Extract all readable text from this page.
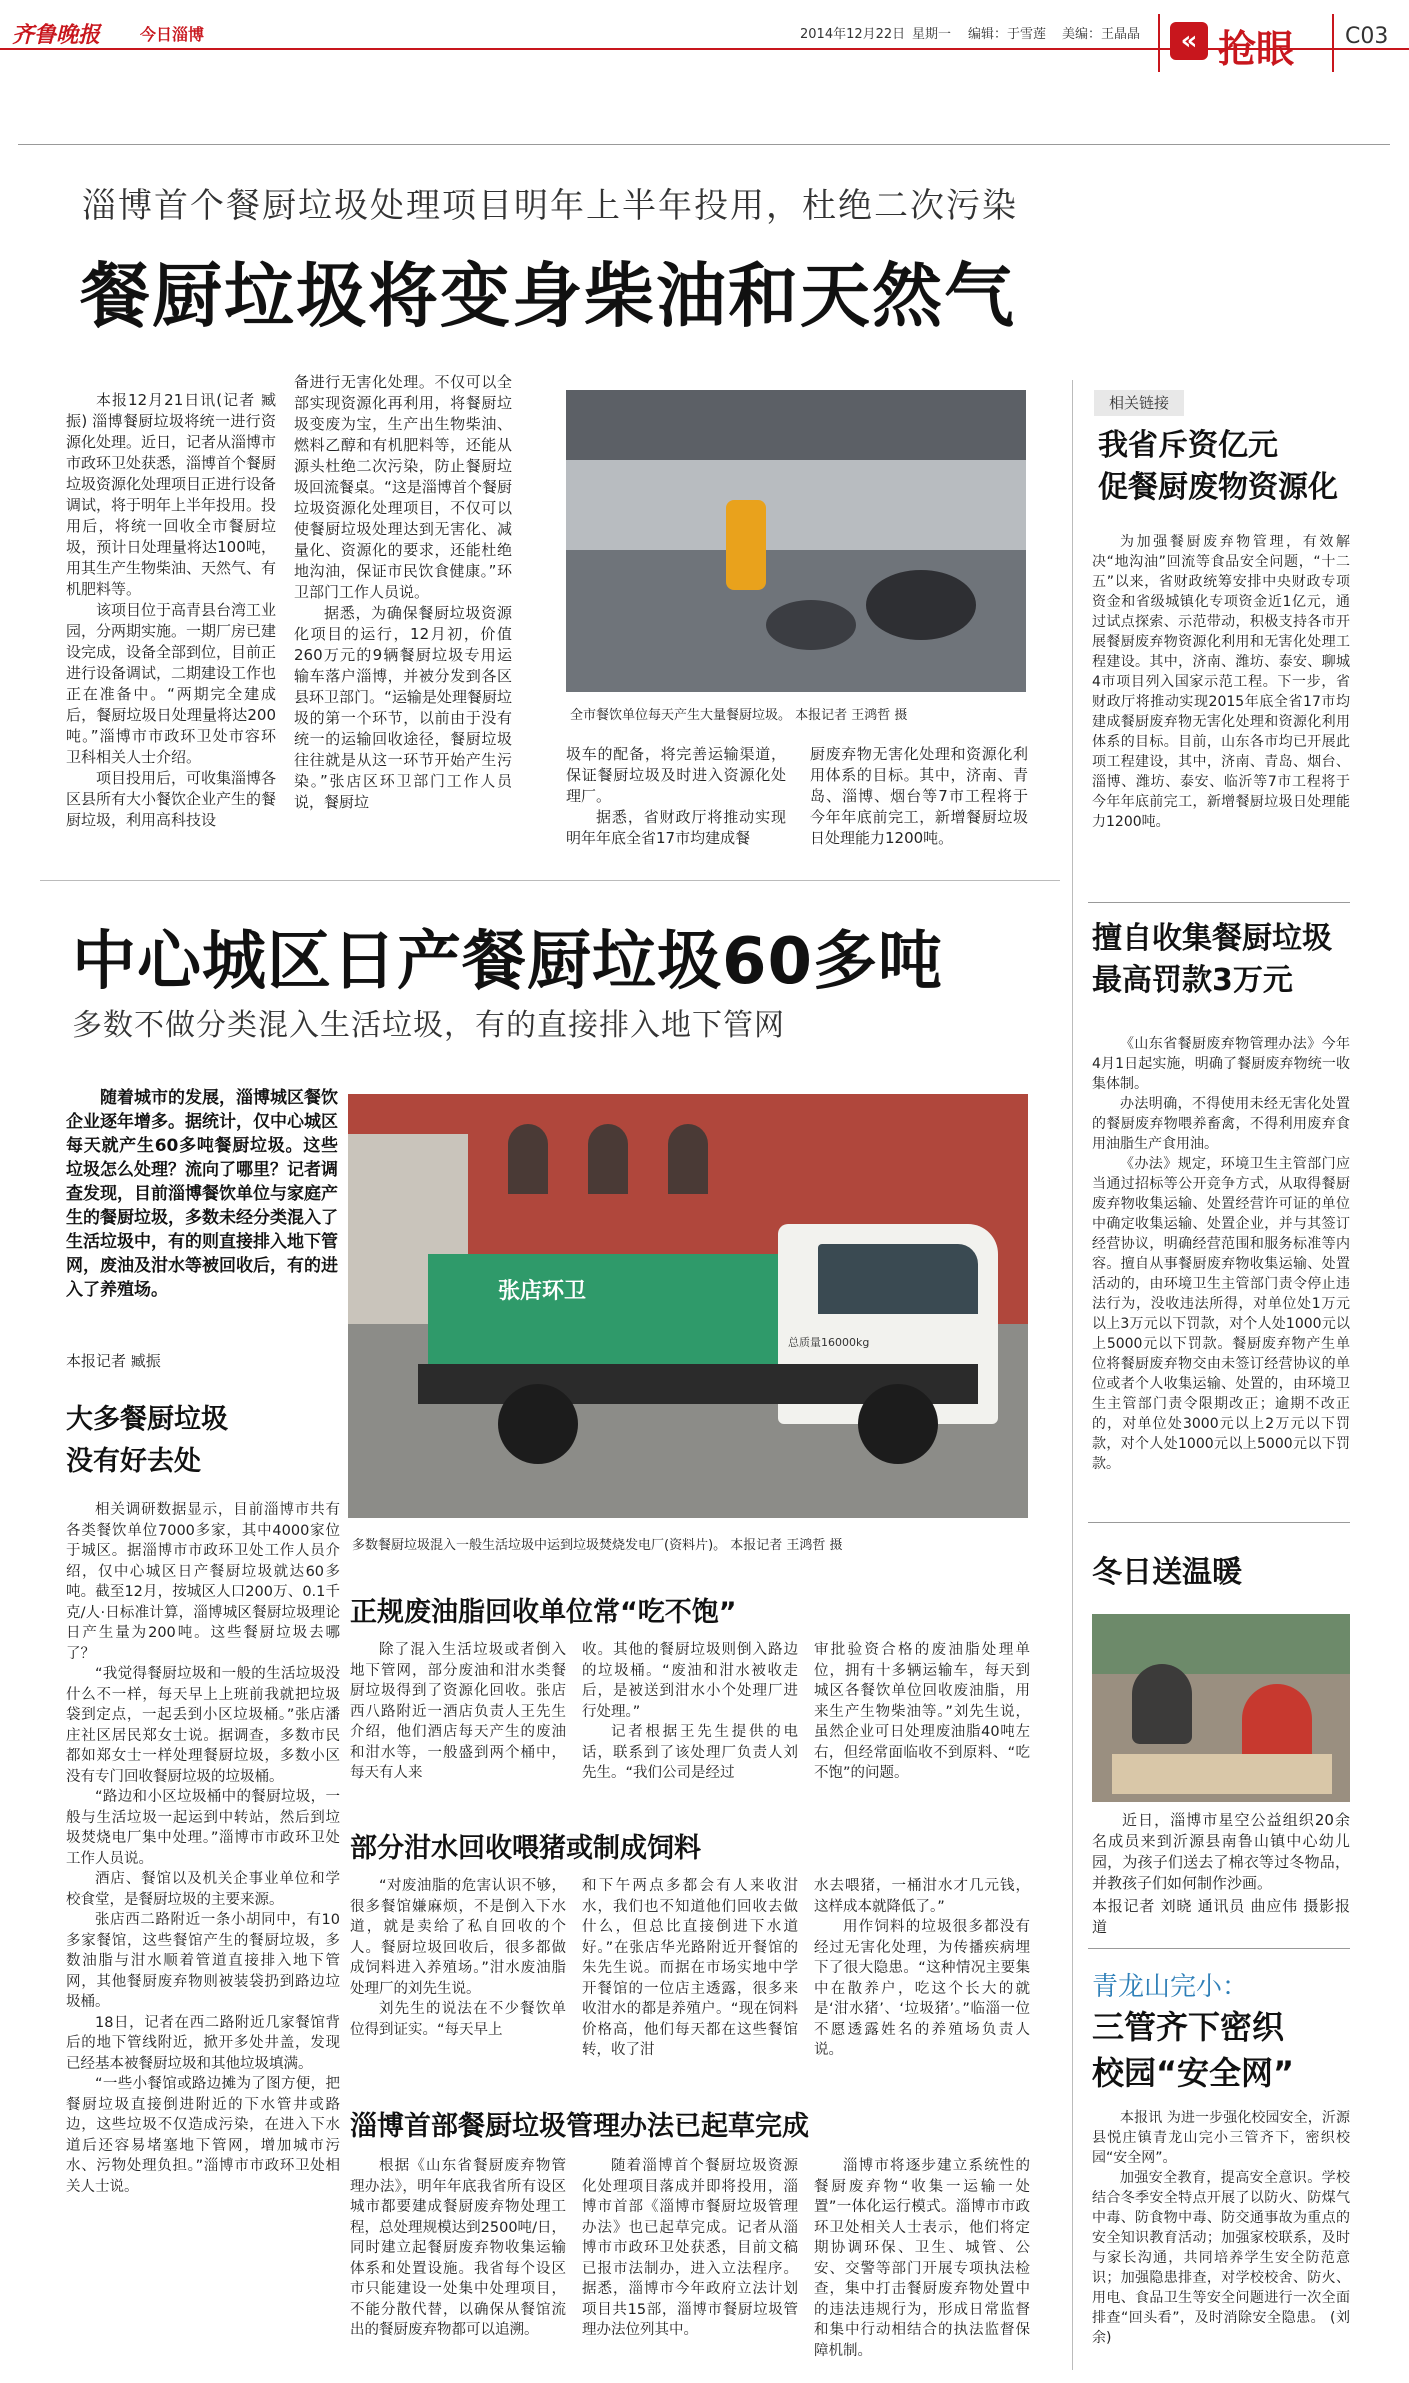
齐鲁晚报 今日淄博	2014年12月22日 星期一 编辑：于雪莲 美编：王晶晶	« 抢眼 C03
淄博首个餐厨垃圾处理项目明年上半年投用，杜绝二次污染
餐厨垃圾将变身柴油和天然气

本报12月21日讯(记者 臧振) 淄博餐厨垃圾将统一进行资源化处理。近日，记者从淄博市市政环卫处获悉，淄博首个餐厨垃圾资源化处理项目正进行设备调试，将于明年上半年投用。投用后，将统一回收全市餐厨垃圾，预计日处理量将达100吨，用其生产生物柴油、天然气、有机肥料等。

该项目位于高青县台湾工业园，分两期实施。一期厂房已建设完成，设备全部到位，目前正进行设备调试，二期建设工作也正在准备中。“两期完全建成后，餐厨垃圾日处理量将达200吨。”淄博市市政环卫处市容环卫科相关人士介绍。

项目投用后，可收集淄博各区县所有大小餐饮企业产生的餐厨垃圾，利用高科技设

备进行无害化处理。不仅可以全部实现资源化再利用，将餐厨垃圾变废为宝，生产出生物柴油、燃料乙醇和有机肥料等，还能从源头杜绝二次污染，防止餐厨垃圾回流餐桌。“这是淄博首个餐厨垃圾资源化处理项目，不仅可以使餐厨垃圾处理达到无害化、减量化、资源化的要求，还能杜绝地沟油，保证市民饮食健康。”环卫部门工作人员说。

据悉，为确保餐厨垃圾资源化项目的运行，12月初，价值260万元的9辆餐厨垃圾专用运输车落户淄博，并被分发到各区县环卫部门。“运输是处理餐厨垃圾的第一个环节，以前由于没有统一的运输回收途径，餐厨垃圾往往就是从这一环节开始产生污染。”张店区环卫部门工作人员说，餐厨垃

全市餐饮单位每天产生大量餐厨垃圾。 本报记者 王鸿哲 摄

圾车的配备，将完善运输渠道，保证餐厨垃圾及时进入资源化处理厂。

据悉，省财政厅将推动实现明年年底全省17市均建成餐

厨废弃物无害化处理和资源化利用体系的目标。其中，济南、青岛、淄博、烟台等7市工程将于今年年底前完工，新增餐厨垃圾日处理能力1200吨。

相关链接
我省斥资亿元
促餐厨废物资源化

为加强餐厨废弃物管理，有效解决“地沟油”回流等食品安全问题，“十二五”以来，省财政统筹安排中央财政专项资金和省级城镇化专项资金近1亿元，通过试点探索、示范带动，积极支持各市开展餐厨废弃物资源化利用和无害化处理工程建设。其中，济南、潍坊、泰安、聊城4市项目列入国家示范工程。下一步，省财政厅将推动实现2015年底全省17市均建成餐厨废弃物无害化处理和资源化利用体系的目标。目前，山东各市均已开展此项工程建设，其中，济南、青岛、烟台、淄博、潍坊、泰安、临沂等7市工程将于今年年底前完工，新增餐厨垃圾日处理能力1200吨。

擅自收集餐厨垃圾
最高罚款3万元

《山东省餐厨废弃物管理办法》今年4月1日起实施，明确了餐厨废弃物统一收集体制。

办法明确，不得使用未经无害化处置的餐厨废弃物喂养畜禽，不得利用废弃食用油脂生产食用油。

《办法》规定，环境卫生主管部门应当通过招标等公开竞争方式，从取得餐厨废弃物收集运输、处置经营许可证的单位中确定收集运输、处置企业，并与其签订经营协议，明确经营范围和服务标准等内容。擅自从事餐厨废弃物收集运输、处置活动的，由环境卫生主管部门责令停止违法行为，没收违法所得，对单位处1万元以上3万元以下罚款，对个人处1000元以上5000元以下罚款。餐厨废弃物产生单位将餐厨废弃物交由未签订经营协议的单位或者个人收集运输、处置的，由环境卫生主管部门责令限期改正；逾期不改正的，对单位处3000元以上2万元以下罚款，对个人处1000元以上5000元以下罚款。

冬日送温暖

近日，淄博市星空公益组织20余名成员来到沂源县南鲁山镇中心幼儿园，为孩子们送去了棉衣等过冬物品，并教孩子们如何制作沙画。

本报记者 刘晓 通讯员 曲应伟 摄影报道
青龙山完小：
三管齐下密织
校园“安全网”

本报讯 为进一步强化校园安全，沂源县悦庄镇青龙山完小三管齐下，密织校园“安全网”。

加强安全教育，提高安全意识。学校结合冬季安全特点开展了以防火、防煤气中毒、防食物中毒、防交通事故为重点的安全知识教育活动；加强家校联系，及时与家长沟通，共同培养学生安全防范意识；加强隐患排查，对学校校舍、防火、用电、食品卫生等安全问题进行一次全面排查“回头看”，及时消除安全隐患。 (刘余)

中心城区日产餐厨垃圾60多吨
多数不做分类混入生活垃圾，有的直接排入地下管网

随着城市的发展，淄博城区餐饮企业逐年增多。据统计，仅中心城区每天就产生60多吨餐厨垃圾。这些垃圾怎么处理？流向了哪里？记者调查发现，目前淄博餐饮单位与家庭产生的餐厨垃圾，多数未经分类混入了生活垃圾中，有的则直接排入地下管网，废油及泔水等被回收后，有的进入了养殖场。

本报记者 臧振
大多餐厨垃圾
没有好去处

相关调研数据显示，目前淄博市共有各类餐饮单位7000多家，其中4000家位于城区。据淄博市市政环卫处工作人员介绍，仅中心城区日产餐厨垃圾就达60多吨。截至12月，按城区人口200万、0.1千克/人·日标准计算，淄博城区餐厨垃圾理论日产生量为200吨。这些餐厨垃圾去哪了？

“我觉得餐厨垃圾和一般的生活垃圾没什么不一样，每天早上上班前我就把垃圾袋到定点，一起丢到小区垃圾桶。”张店潘庄社区居民郑女士说。据调查，多数市民都如郑女士一样处理餐厨垃圾，多数小区没有专门回收餐厨垃圾的垃圾桶。

“路边和小区垃圾桶中的餐厨垃圾，一般与生活垃圾一起运到中转站，然后到垃圾焚烧电厂集中处理。”淄博市市政环卫处工作人员说。

酒店、餐馆以及机关企事业单位和学校食堂，是餐厨垃圾的主要来源。

张店西二路附近一条小胡同中，有10多家餐馆，这些餐馆产生的餐厨垃圾，多数油脂与泔水顺着管道直接排入地下管网，其他餐厨废弃物则被装袋扔到路边垃圾桶。

18日，记者在西二路附近几家餐馆背后的地下管线附近，掀开多处井盖，发现已经基本被餐厨垃圾和其他垃圾填满。

“一些小餐馆或路边摊为了图方便，把餐厨垃圾直接倒进附近的下水管井或路边，这些垃圾不仅造成污染，在进入下水道后还容易堵塞地下管网，增加城市污水、污物处理负担。”淄博市市政环卫处相关人士说。

张店环卫
总质量16000kg
多数餐厨垃圾混入一般生活垃圾中运到垃圾焚烧发电厂(资料片)。 本报记者 王鸿哲 摄
正规废油脂回收单位常“吃不饱”

除了混入生活垃圾或者倒入地下管网，部分废油和泔水类餐厨垃圾得到了资源化回收。张店西八路附近一酒店负责人王先生介绍，他们酒店每天产生的废油和泔水等，一般盛到两个桶中，每天有人来

收。其他的餐厨垃圾则倒入路边的垃圾桶。“废油和泔水被收走后，是被送到泔水小个处理厂进行处理。”

记者根据王先生提供的电话，联系到了该处理厂负责人刘先生。“我们公司是经过

审批验资合格的废油脂处理单位，拥有十多辆运输车，每天到城区各餐饮单位回收废油脂，用来生产生物柴油等。”刘先生说，虽然企业可日处理废油脂40吨左右，但经常面临收不到原料、“吃不饱”的问题。

部分泔水回收喂猪或制成饲料

“对废油脂的危害认识不够，很多餐馆嫌麻烦，不是倒入下水道，就是卖给了私自回收的个人。餐厨垃圾回收后，很多都做成饲料进入养殖场。”泔水废油脂处理厂的刘先生说。

刘先生的说法在不少餐饮单位得到证实。“每天早上

和下午两点多都会有人来收泔水，我们也不知道他们回收去做什么，但总比直接倒进下水道好。”在张店华光路附近开餐馆的朱先生说。而据在市场实地中学开餐馆的一位店主透露，很多来收泔水的都是养殖户。“现在饲料价格高，他们每天都在这些餐馆转，收了泔

水去喂猪，一桶泔水才几元钱，这样成本就降低了。”

用作饲料的垃圾很多都没有经过无害化处理，为传播疾病埋下了很大隐患。“这种情况主要集中在散养户，吃这个长大的就是‘泔水猪’、‘垃圾猪’。”临淄一位不愿透露姓名的养殖场负责人说。

淄博首部餐厨垃圾管理办法已起草完成

根据《山东省餐厨废弃物管理办法》，明年年底我省所有设区城市都要建成餐厨废弃物处理工程，总处理规模达到2500吨/日，同时建立起餐厨废弃物收集运输体系和处置设施。我省每个设区市只能建设一处集中处理项目，不能分散代替，以确保从餐馆流出的餐厨废弃物都可以追溯。

随着淄博首个餐厨垃圾资源化处理项目落成并即将投用，淄博市首部《淄博市餐厨垃圾管理办法》也已起草完成。记者从淄博市市政环卫处获悉，目前文稿已报市法制办，进入立法程序。据悉，淄博市今年政府立法计划项目共15部，淄博市餐厨垃圾管理办法位列其中。

淄博市将逐步建立系统性的餐厨废弃物“收集一运输一处置”一体化运行模式。淄博市市政环卫处相关人士表示，他们将定期协调环保、卫生、城管、公安、交警等部门开展专项执法检查，集中打击餐厨废弃物处置中的违法违规行为，形成日常监督和集中行动相结合的执法监督保障机制。
